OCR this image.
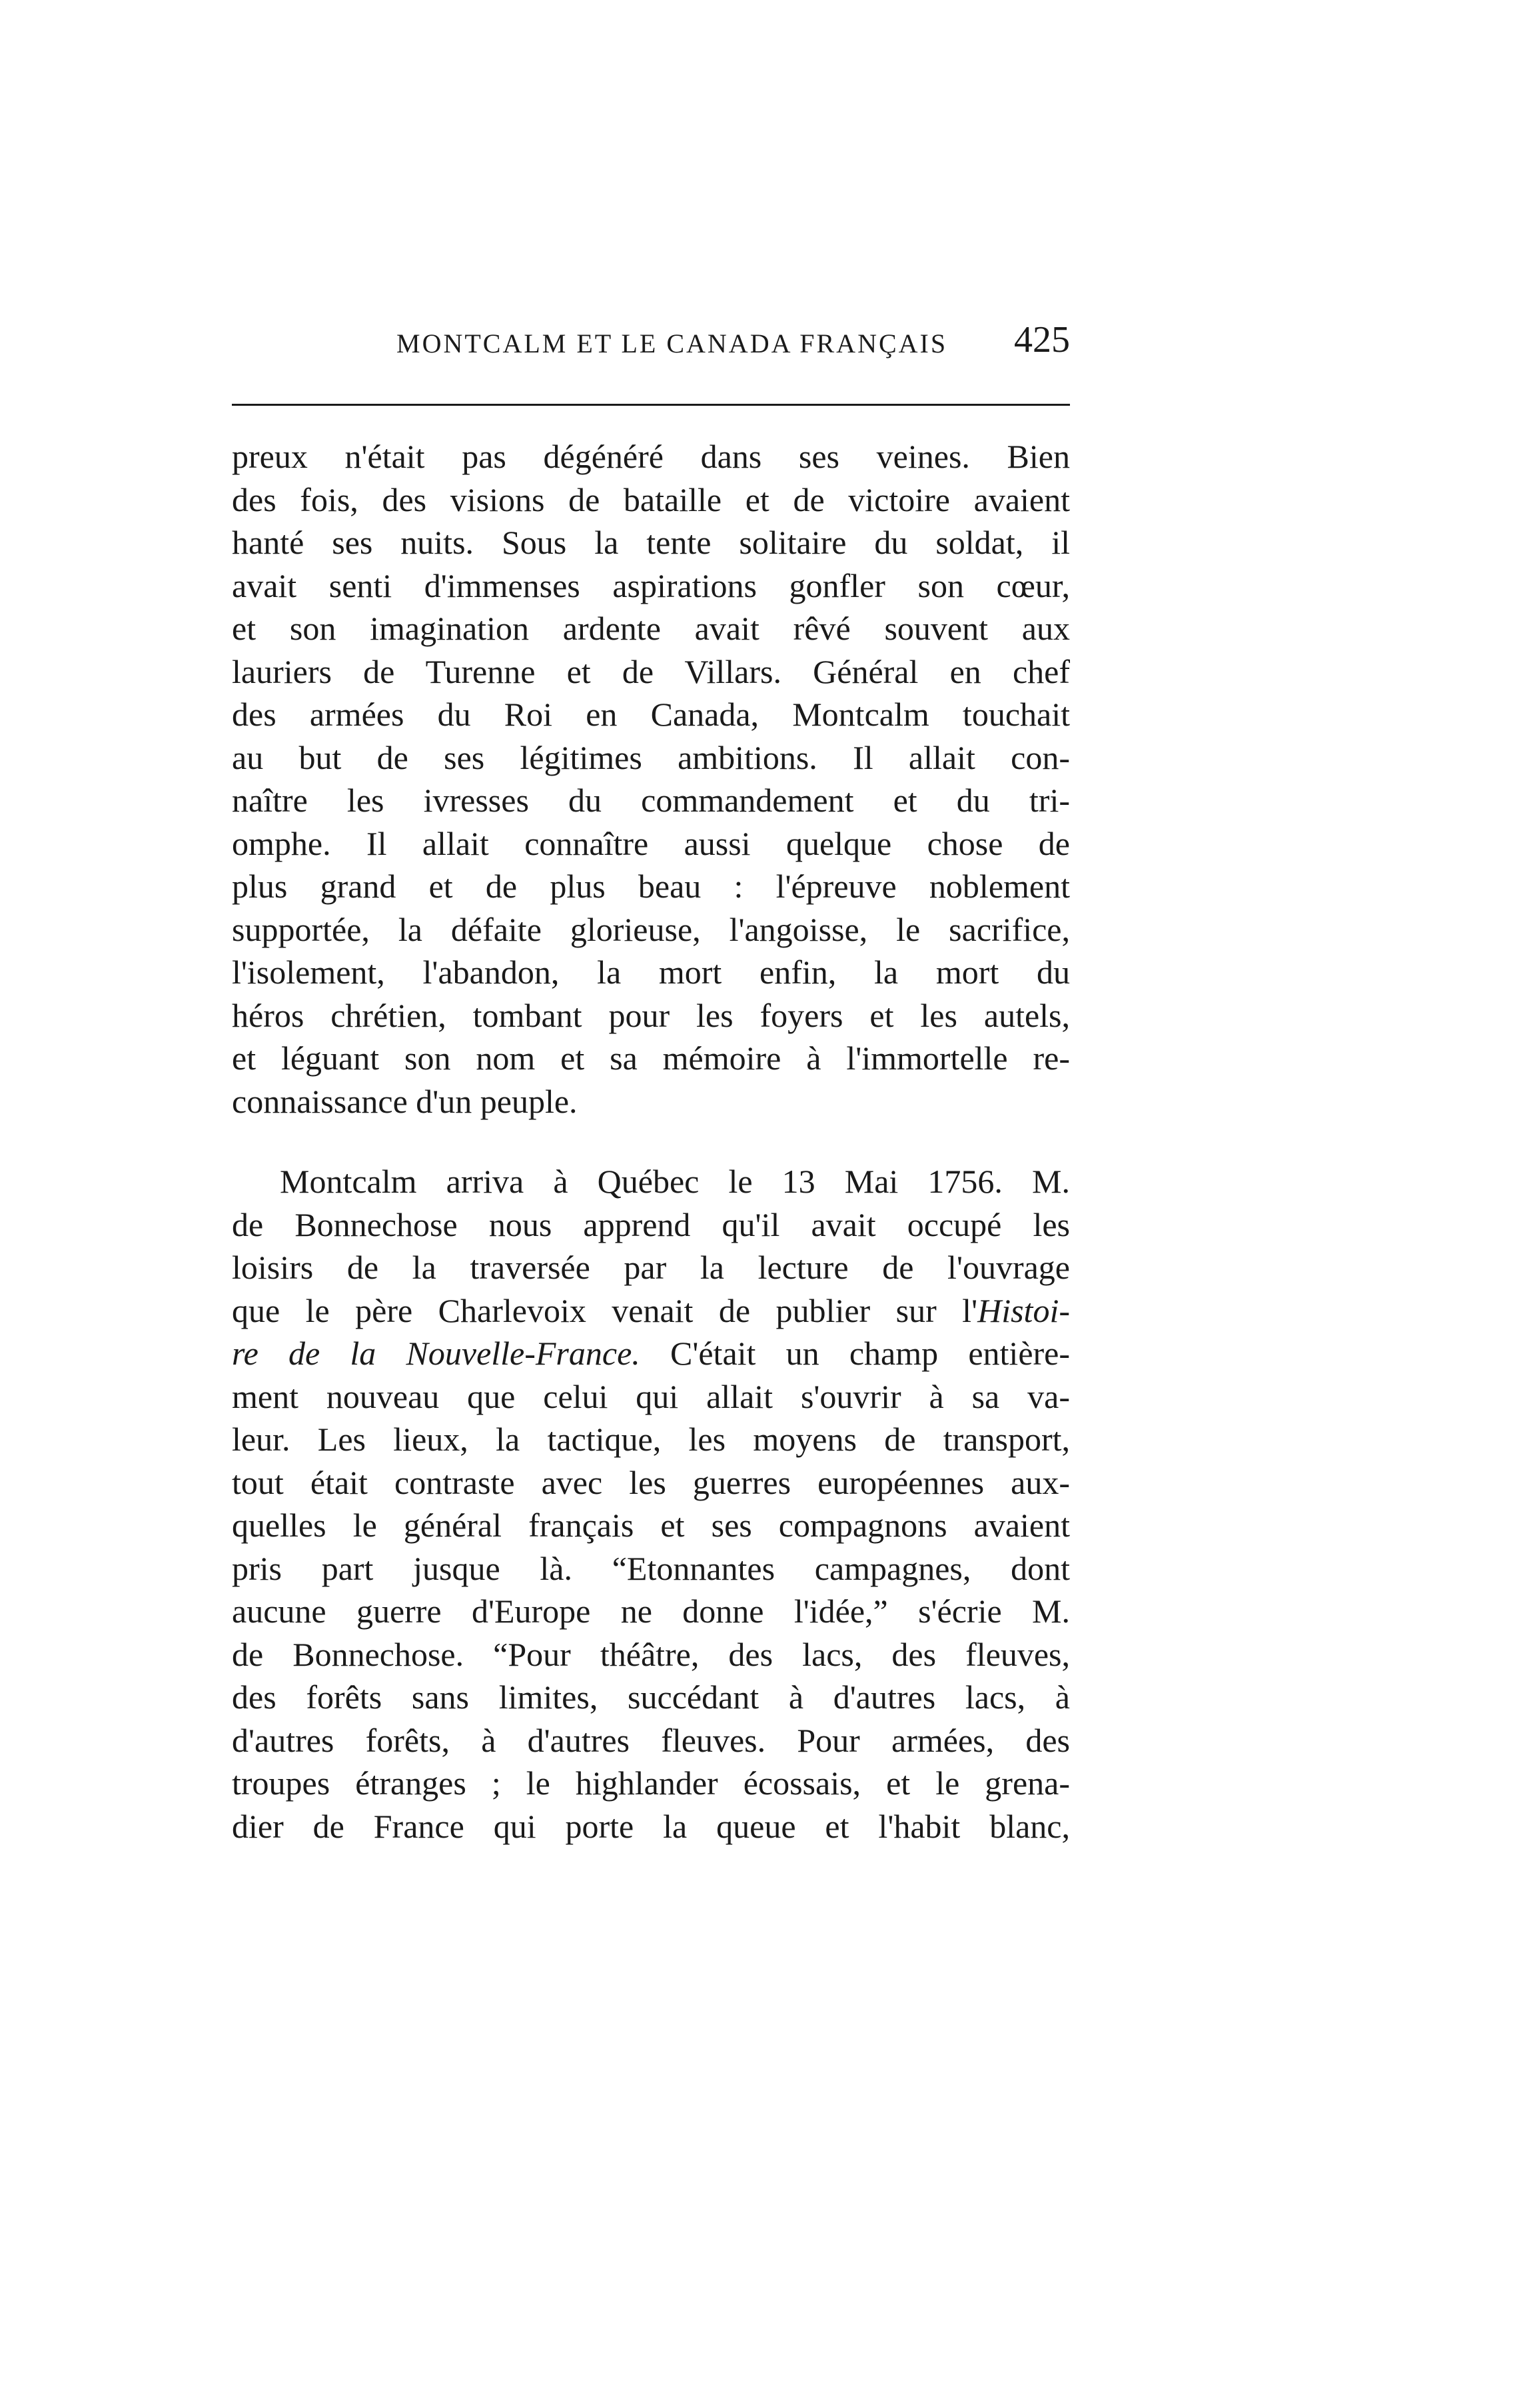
MONTCALM ET LE CANADA FRANÇAIS 425
preux n'était pas dégénéré dans ses veines. Bien
des fois, des visions de bataille et de victoire avaient
hanté ses nuits. Sous la tente solitaire du soldat, il
avait senti d'immenses aspirations gonfler son cœur,
et son imagination ardente avait rêvé souvent aux
lauriers de Turenne et de Villars. Général en chef
des armées du Roi en Canada, Montcalm touchait
au but de ses légitimes ambitions. Il allait con-
naître les ivresses du commandement et du tri-
omphe. Il allait connaître aussi quelque chose de
plus grand et de plus beau : l'épreuve noblement
supportée, la défaite glorieuse, l'angoisse, le sacrifice,
l'isolement, l'abandon, la mort enfin, la mort du
héros chrétien, tombant pour les foyers et les autels,
et léguant son nom et sa mémoire à l'immortelle re-
connaissance d'un peuple.
Montcalm arriva à Québec le 13 Mai 1756. M.
de Bonnechose nous apprend qu'il avait occupé les
loisirs de la traversée par la lecture de l'ouvrage
que le père Charlevoix venait de publier sur l'Histoi-
re de la Nouvelle-France. C'était un champ entière-
ment nouveau que celui qui allait s'ouvrir à sa va-
leur. Les lieux, la tactique, les moyens de transport,
tout était contraste avec les guerres européennes aux-
quelles le général français et ses compagnons avaient
pris part jusque là. “Etonnantes campagnes, dont
aucune guerre d'Europe ne donne l'idée,” s'écrie M.
de Bonnechose. “Pour théâtre, des lacs, des fleuves,
des forêts sans limites, succédant à d'autres lacs, à
d'autres forêts, à d'autres fleuves. Pour armées, des
troupes étranges ; le highlander écossais, et le grena-
dier de France qui porte la queue et l'habit blanc,
